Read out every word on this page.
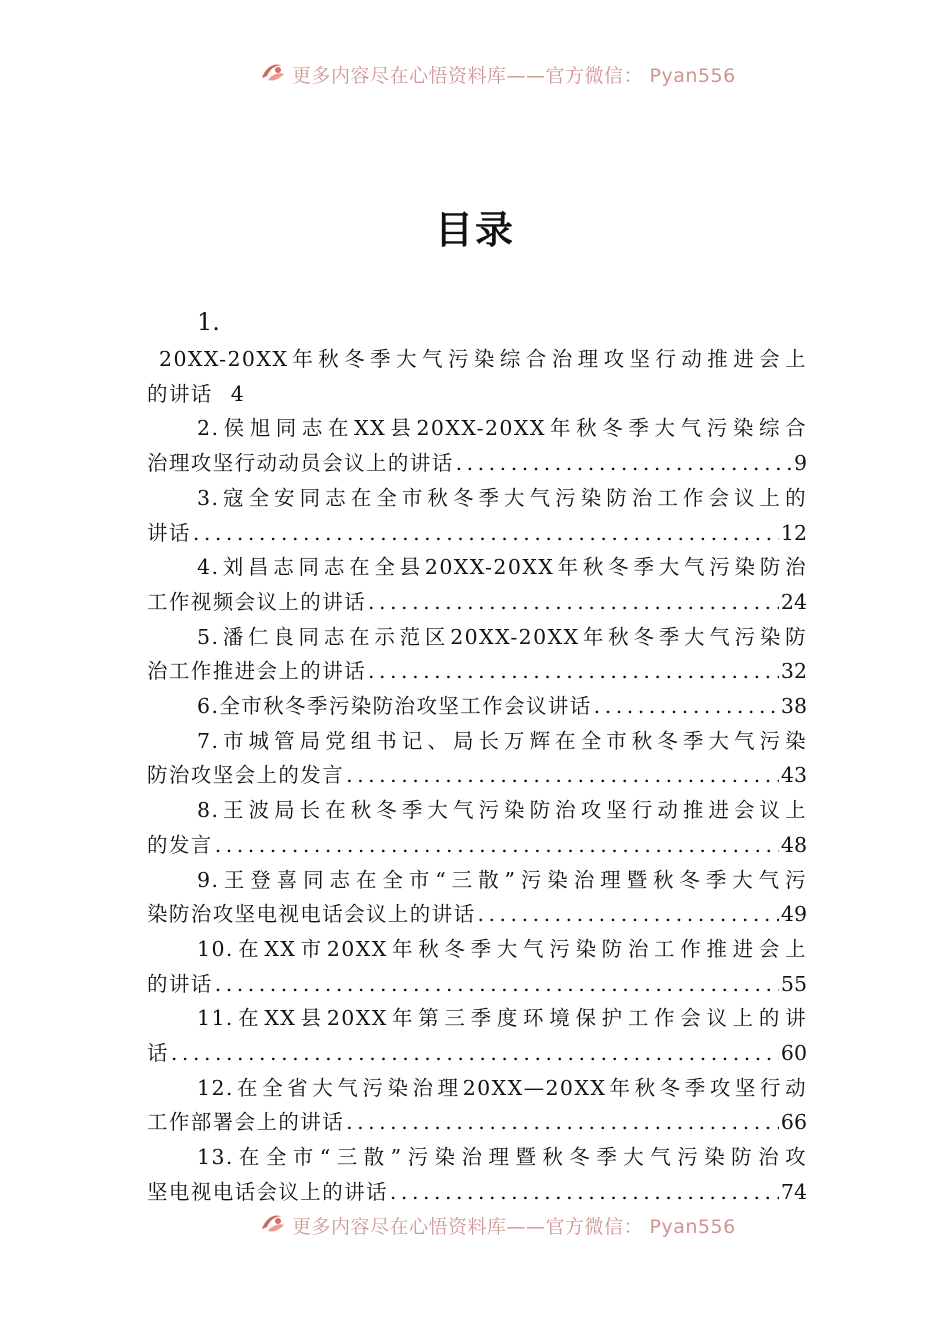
更多内容尽在心悟资料库——官方微信： Pyan556
目录
1.
20XX-20XX年秋冬季大气污染综合治理攻坚行动推进会上
的讲话 4
2.侯旭同志在XX县20XX-20XX年秋冬季大气污染综合
治理攻坚行动动员会议上的讲话 .....	9
3.寇全安同志在全市秋冬季大气污染防治工作会议上的
讲话 .....	12
4.刘昌志同志在全县20XX-20XX年秋冬季大气污染防治
工作视频会议上的讲话 .....	24
5.潘仁良同志在示范区20XX-20XX年秋冬季大气污染防
治工作推进会上的讲话 .....	32
6.全市秋冬季污染防治攻坚工作会议讲话 .....	38
7.市城管局党组书记、局长万辉在全市秋冬季大气污染
防治攻坚会上的发言 .....	43
8.王波局长在秋冬季大气污染防治攻坚行动推进会议上
的发言 .....	48
9.王登喜同志在全市“三散”污染治理暨秋冬季大气污
染防治攻坚电视电话会议上的讲话 .....	49
10.在XX市20XX年秋冬季大气污染防治工作推进会上
的讲话 .....	55
11.在XX县20XX年第三季度环境保护工作会议上的讲
话 .....	60
12.在全省大气污染治理20XX—20XX年秋冬季攻坚行动
工作部署会上的讲话 .....	66
13.在全市“三散”污染治理暨秋冬季大气污染防治攻
坚电视电话会议上的讲话 .....	74
更多内容尽在心悟资料库——官方微信： Pyan556
